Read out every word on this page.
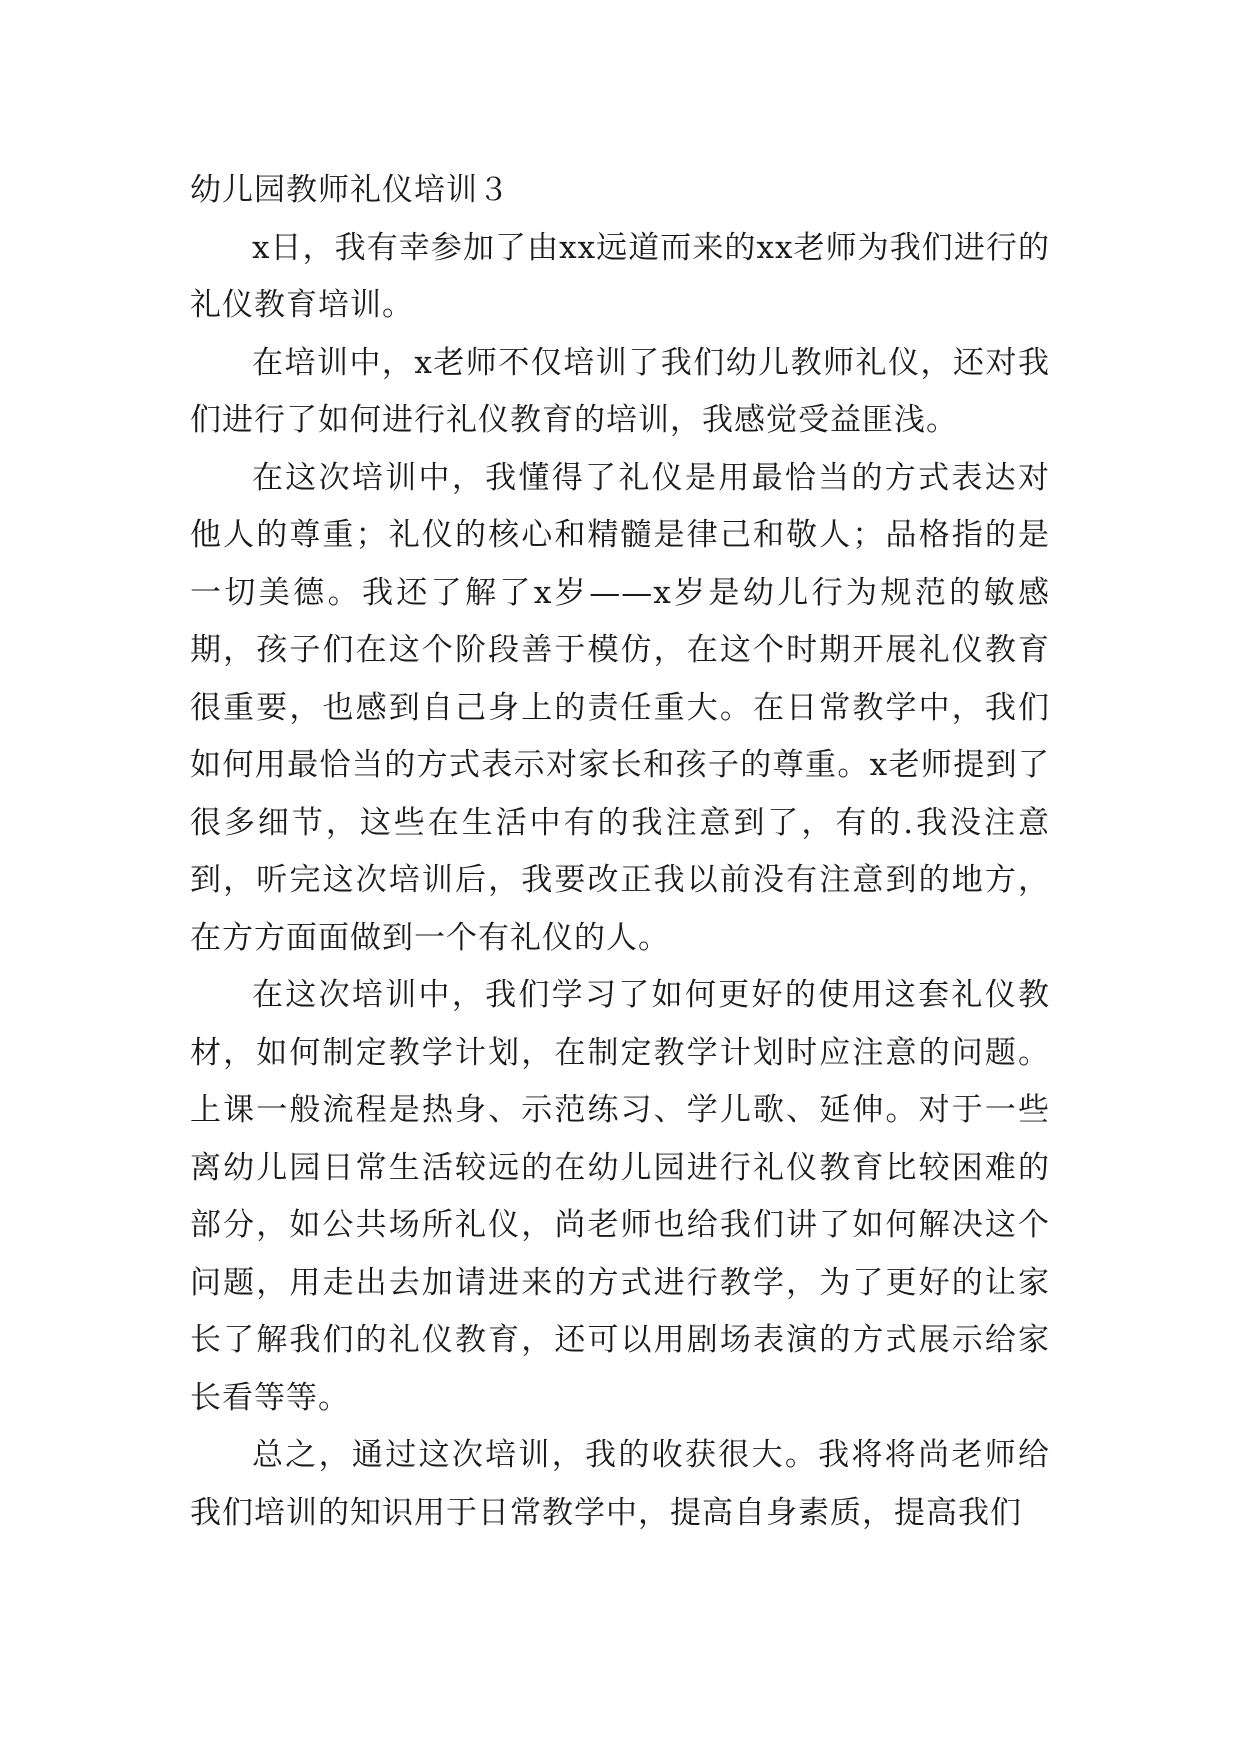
幼儿园教师礼仪培训３

x日，我有幸参加了由xx远道而来的xx老师为我们进行的礼仪教育培训。

在培训中，x老师不仅培训了我们幼儿教师礼仪，还对我们进行了如何进行礼仪教育的培训，我感觉受益匪浅。

在这次培训中，我懂得了礼仪是用最恰当的方式表达对他人的尊重；礼仪的核心和精髓是律己和敬人；品格指的是一切美德。我还了解了x岁——x岁是幼儿行为规范的敏感期，孩子们在这个阶段善于模仿，在这个时期开展礼仪教育很重要，也感到自己身上的责任重大。在日常教学中，我们如何用最恰当的方式表示对家长和孩子的尊重。x老师提到了很多细节，这些在生活中有的我注意到了，有的.我没注意到，听完这次培训后，我要改正我以前没有注意到的地方，在方方面面做到一个有礼仪的人。

在这次培训中，我们学习了如何更好的使用这套礼仪教材，如何制定教学计划，在制定教学计划时应注意的问题。上课一般流程是热身、示范练习、学儿歌、延伸。对于一些离幼儿园日常生活较远的在幼儿园进行礼仪教育比较困难的部分，如公共场所礼仪，尚老师也给我们讲了如何解决这个问题，用走出去加请进来的方式进行教学，为了更好的让家长了解我们的礼仪教育，还可以用剧场表演的方式展示给家长看等等。

总之，通过这次培训，我的收获很大。我将将尚老师给我们培训的知识用于日常教学中，提高自身素质，提高我们
